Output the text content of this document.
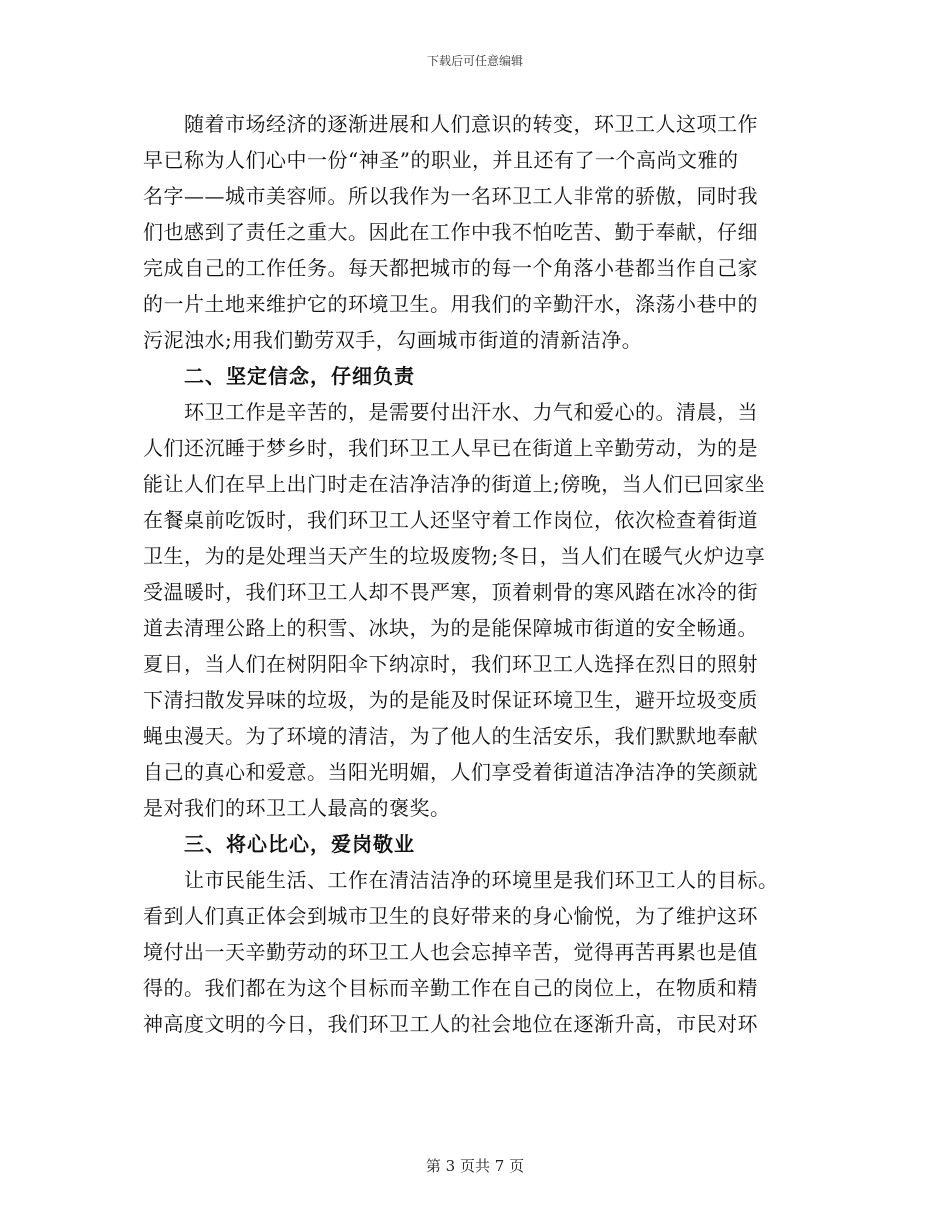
下载后可任意编辑
随着市场经济的逐渐进展和人们意识的转变，环卫工人这项工作
早已称为人们心中一份“神圣”的职业，并且还有了一个高尚文雅的
名字——城市美容师。所以我作为一名环卫工人非常的骄傲，同时我
们也感到了责任之重大。因此在工作中我不怕吃苦、勤于奉献，仔细
完成自己的工作任务。每天都把城市的每一个角落小巷都当作自己家
的一片土地来维护它的环境卫生。用我们的辛勤汗水，涤荡小巷中的
污泥浊水;用我们勤劳双手，勾画城市街道的清新洁净。
二、坚定信念，仔细负责
环卫工作是辛苦的，是需要付出汗水、力气和爱心的。清晨，当
人们还沉睡于梦乡时，我们环卫工人早已在街道上辛勤劳动，为的是
能让人们在早上出门时走在洁净洁净的街道上;傍晚，当人们已回家坐
在餐桌前吃饭时，我们环卫工人还坚守着工作岗位，依次检查着街道
卫生，为的是处理当天产生的垃圾废物;冬日，当人们在暖气火炉边享
受温暖时，我们环卫工人却不畏严寒，顶着刺骨的寒风踏在冰冷的街
道去清理公路上的积雪、冰块，为的是能保障城市街道的安全畅通。
夏日，当人们在树阴阳伞下纳凉时，我们环卫工人选择在烈日的照射
下清扫散发异味的垃圾，为的是能及时保证环境卫生，避开垃圾变质
蝇虫漫天。为了环境的清洁，为了他人的生活安乐，我们默默地奉献
自己的真心和爱意。当阳光明媚，人们享受着街道洁净洁净的笑颜就
是对我们的环卫工人最高的褒奖。
三、将心比心，爱岗敬业
让市民能生活、工作在清洁洁净的环境里是我们环卫工人的目标。
看到人们真正体会到城市卫生的良好带来的身心愉悦，为了维护这环
境付出一天辛勤劳动的环卫工人也会忘掉辛苦，觉得再苦再累也是值
得的。我们都在为这个目标而辛勤工作在自己的岗位上，在物质和精
神高度文明的今日，我们环卫工人的社会地位在逐渐升高，市民对环
第 3 页共 7 页
